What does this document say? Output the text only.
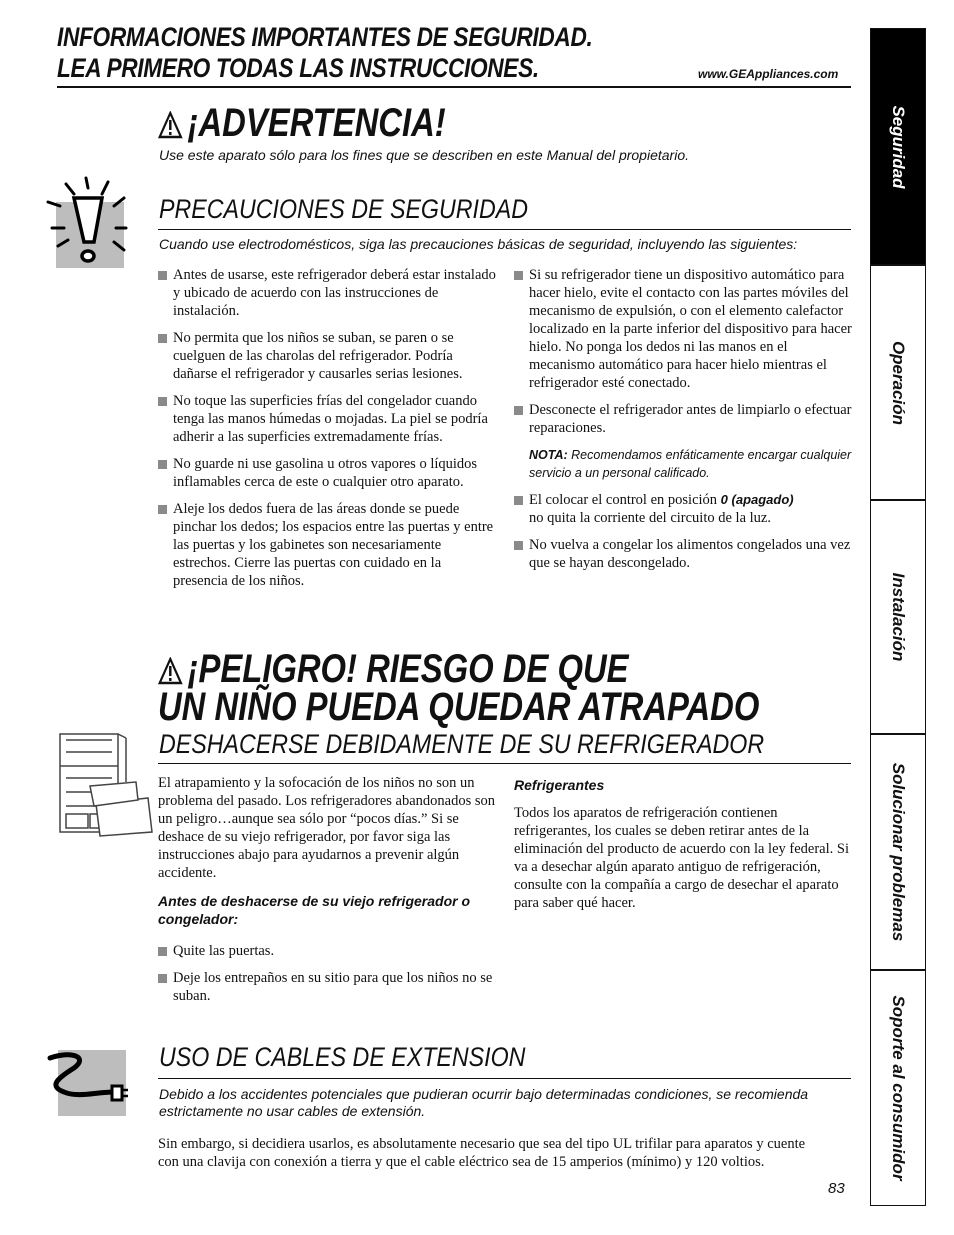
INFORMACIONES IMPORTANTES DE SEGURIDAD.
LEA PRIMERO TODAS LAS INSTRUCCIONES.	www.GEAppliances.com
¡ADVERTENCIA!
Use este aparato sólo para los fines que se describen en este Manual del propietario.
PRECAUCIONES DE SEGURIDAD
Cuando use electrodomésticos, siga las precauciones básicas de seguridad, incluyendo las siguientes:
Antes de usarse, este refrigerador deberá estar instalado y ubicado de acuerdo con las instrucciones de instalación.
No permita que los niños se suban, se paren o se cuelguen de las charolas del refrigerador. Podría dañarse el refrigerador y causarles serias lesiones.
No toque las superficies frías del congelador cuando tenga las manos húmedas o mojadas. La piel se podría adherir a las superficies extremadamente frías.
No guarde ni use gasolina u otros vapores o líquidos inflamables cerca de este o cualquier otro aparato.
Aleje los dedos fuera de las áreas donde se puede pinchar los dedos; los espacios entre las puertas y entre las puertas y los gabinetes son necesariamente estrechos. Cierre las puertas con cuidado en la presencia de los niños.
Si su refrigerador tiene un dispositivo automático para hacer hielo, evite el contacto con las partes móviles del mecanismo de expulsión, o con el elemento calefactor localizado en la parte inferior del dispositivo para hacer hielo. No ponga los dedos ni las manos en el mecanismo automático para hacer hielo mientras el refrigerador esté conectado.
Desconecte el refrigerador antes de limpiarlo o efectuar reparaciones.
NOTA: Recomendamos enfáticamente encargar cualquier servicio a un personal calificado.
El colocar el control en posición 0 (apagado)
no quita la corriente del circuito de la luz.
No vuelva a congelar los alimentos congelados una vez que se hayan descongelado.
¡PELIGRO! RIESGO DE QUE
UN NIÑO PUEDA QUEDAR ATRAPADO
DESHACERSE DEBIDAMENTE DE SU REFRIGERADOR
El atrapamiento y la sofocación de los niños no son un problema del pasado. Los refrigeradores abandonados son un peligro…aunque sea sólo por “pocos días.” Si se deshace de su viejo refrigerador, por favor siga las instrucciones abajo para ayudarnos a prevenir algún accidente.
Antes de deshacerse de su viejo refrigerador o congelador:
Quite las puertas.
Deje los entrepaños en su sitio para que los niños no se suban.
Refrigerantes
Todos los aparatos de refrigeración contienen refrigerantes, los cuales se deben retirar antes de la eliminación del producto de acuerdo con la ley federal. Si va a desechar algún aparato antiguo de refrigeración, consulte con la compañía a cargo de desechar el aparato para saber qué hacer.
USO DE CABLES DE EXTENSION
Debido a los accidentes potenciales que pudieran ocurrir bajo determinadas condiciones, se recomienda estrictamente no usar cables de extensión.
Sin embargo, si decidiera usarlos, es absolutamente necesario que sea del tipo UL trifilar para aparatos y cuente con una clavija con conexión a tierra y que el cable eléctrico sea de 15 amperios (mínimo) y 120 voltios.
83
Seguridad
Operación
Instalación
Solucionar problemas
Soporte al consumidor
